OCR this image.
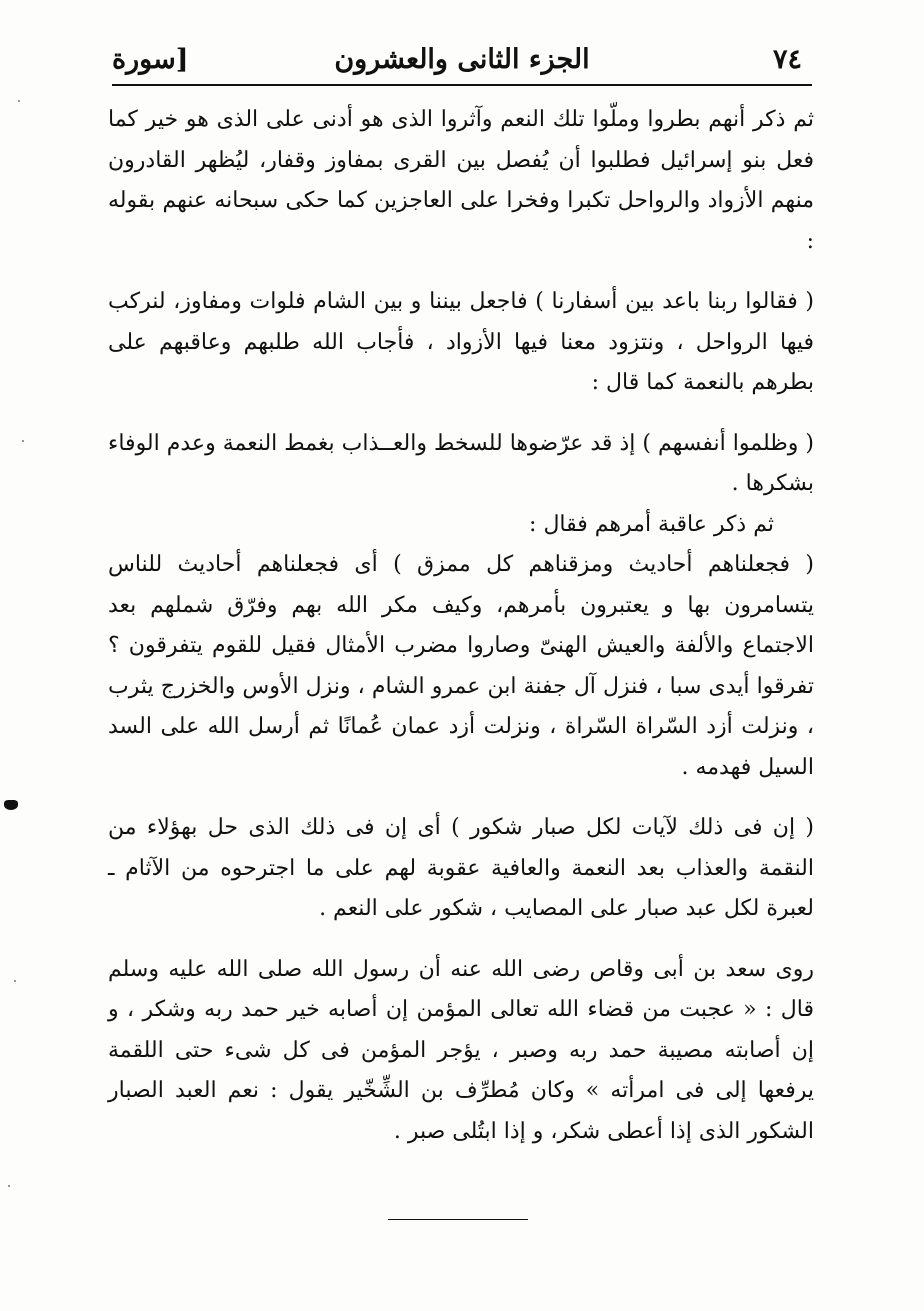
٧٤
الجزء الثانى والعشرون
[سورة

ثم ذكر أنهم بطروا وملّوا تلك النعم وآثروا الذى هو أدنى على الذى هو خير كما فعل بنو إسرائيل فطلبوا أن يُفصل بين القرى بمفاوز وقفار، ليُظهر القادرون منهم الأزواد والرواحل تكبرا وفخرا على العاجزين كما حكى سبحانه عنهم بقوله :

( فقالوا ربنا باعد بين أسفارنا ) فاجعل بيننا و بين الشام فلوات ومفاوز، لنركب فيها الرواحل ، ونتزود معنا فيها الأزواد ، فأجاب الله طلبهم وعاقبهم على بطرهم بالنعمة كما قال :

( وظلموا أنفسهم ) إذ قد عرّضوها للسخط والعــذاب بغمط النعمة وعدم الوفاء بشكرها .

ثم ذكر عاقبة أمرهم فقال :

( فجعلناهم أحاديث ومزقناهم كل ممزق ) أى فجعلناهم أحاديث للناس يتسامرون بها و يعتبرون بأمرهم، وكيف مكر الله بهم وفرّق شملهم بعد الاجتماع والألفة والعيش الهنىّ وصاروا مضرب الأمثال فقيل للقوم يتفرقون ؟ تفرقوا أيدى سبا ، فنزل آل جفنة ابن عمرو الشام ، ونزل الأوس والخزرج يثرب ، ونزلت أزد السّراة السّراة ، ونزلت أزد عمان عُمانًا ثم أرسل الله على السد السيل فهدمه .

( إن فى ذلك لآيات لكل صبار شكور ) أى إن فى ذلك الذى حل بهؤلاء من النقمة والعذاب بعد النعمة والعافية عقوبة لهم على ما اجترحوه من الآثام ـ لعبرة لكل عبد صبار على المصايب ، شكور على النعم .

روى سعد بن أبى وقاص رضى الله عنه أن رسول الله صلى الله عليه وسلم قال : « عجبت من قضاء الله تعالى المؤمن إن أصابه خير حمد ربه وشكر ، و إن أصابته مصيبة حمد ربه وصبر ، يؤجر المؤمن فى كل شىء حتى اللقمة يرفعها إلى فى امرأته » وكان مُطرِّف بن الشِّخّير يقول : نعم العبد الصبار الشكور الذى إذا أعطى شكر، و إذا ابتُلى صبر .
